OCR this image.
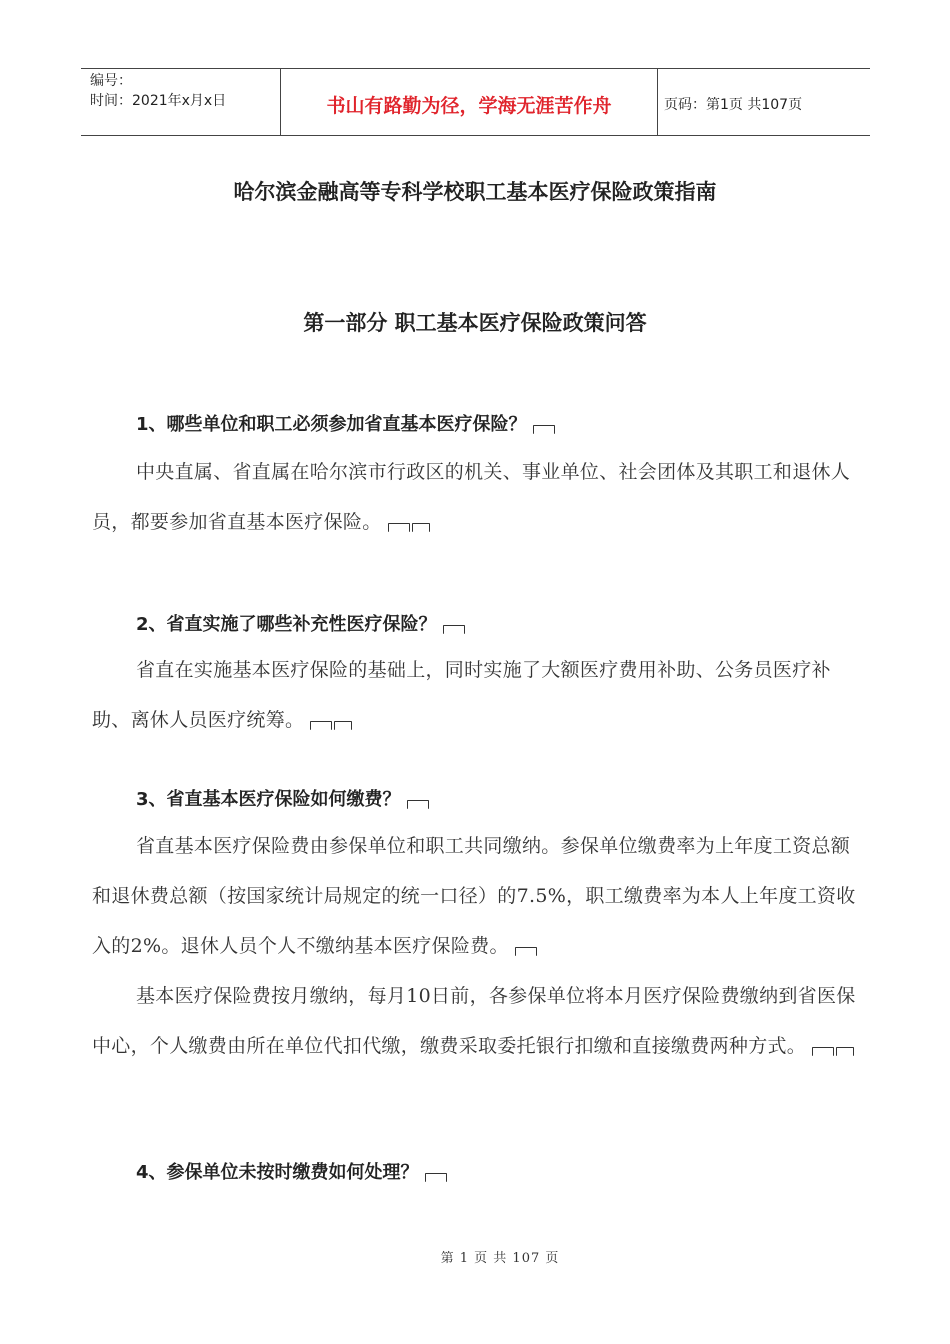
编号：
时间：2021年x月x日	书山有路勤为径，学海无涯苦作舟	页码：第1页 共107页
哈尔滨金融高等专科学校职工基本医疗保险政策指南
第一部分 职工基本医疗保险政策问答
1、哪些单位和职工必须参加省直基本医疗保险？
中央直属、省直属在哈尔滨市行政区的机关、事业单位、社会团体及其职工和退休人员，都要参加省直基本医疗保险。
2、省直实施了哪些补充性医疗保险？
省直在实施基本医疗保险的基础上，同时实施了大额医疗费用补助、公务员医疗补助、离休人员医疗统筹。
3、省直基本医疗保险如何缴费？
省直基本医疗保险费由参保单位和职工共同缴纳。参保单位缴费率为上年度工资总额和退休费总额（按国家统计局规定的统一口径）的7.5%，职工缴费率为本人上年度工资收入的2%。退休人员个人不缴纳基本医疗保险费。
基本医疗保险费按月缴纳，每月10日前，各参保单位将本月医疗保险费缴纳到省医保中心，个人缴费由所在单位代扣代缴，缴费采取委托银行扣缴和直接缴费两种方式。
4、参保单位未按时缴费如何处理？
第 1 页 共 107 页
